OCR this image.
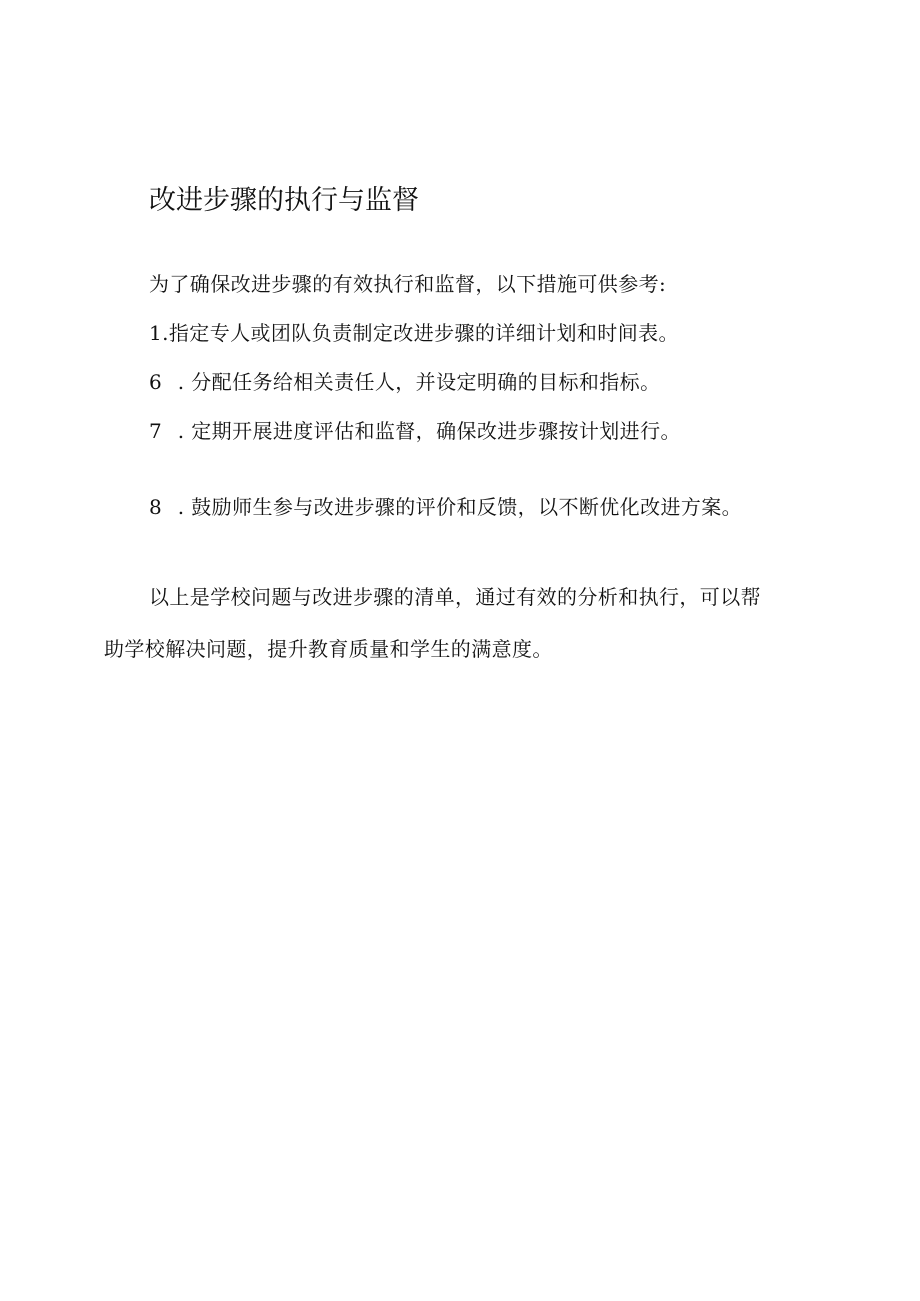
改进步骤的执行与监督
为了确保改进步骤的有效执行和监督，以下措施可供参考:
1.指定专人或团队负责制定改进步骤的详细计划和时间表。
6 . 分配任务给相关责任人，并设定明确的目标和指标。
7 . 定期开展进度评估和监督，确保改进步骤按计划进行。
8 . 鼓励师生参与改进步骤的评价和反馈，以不断优化改进方案。
以上是学校问题与改进步骤的清单，通过有效的分析和执行，可以帮
助学校解决问题，提升教育质量和学生的满意度。
